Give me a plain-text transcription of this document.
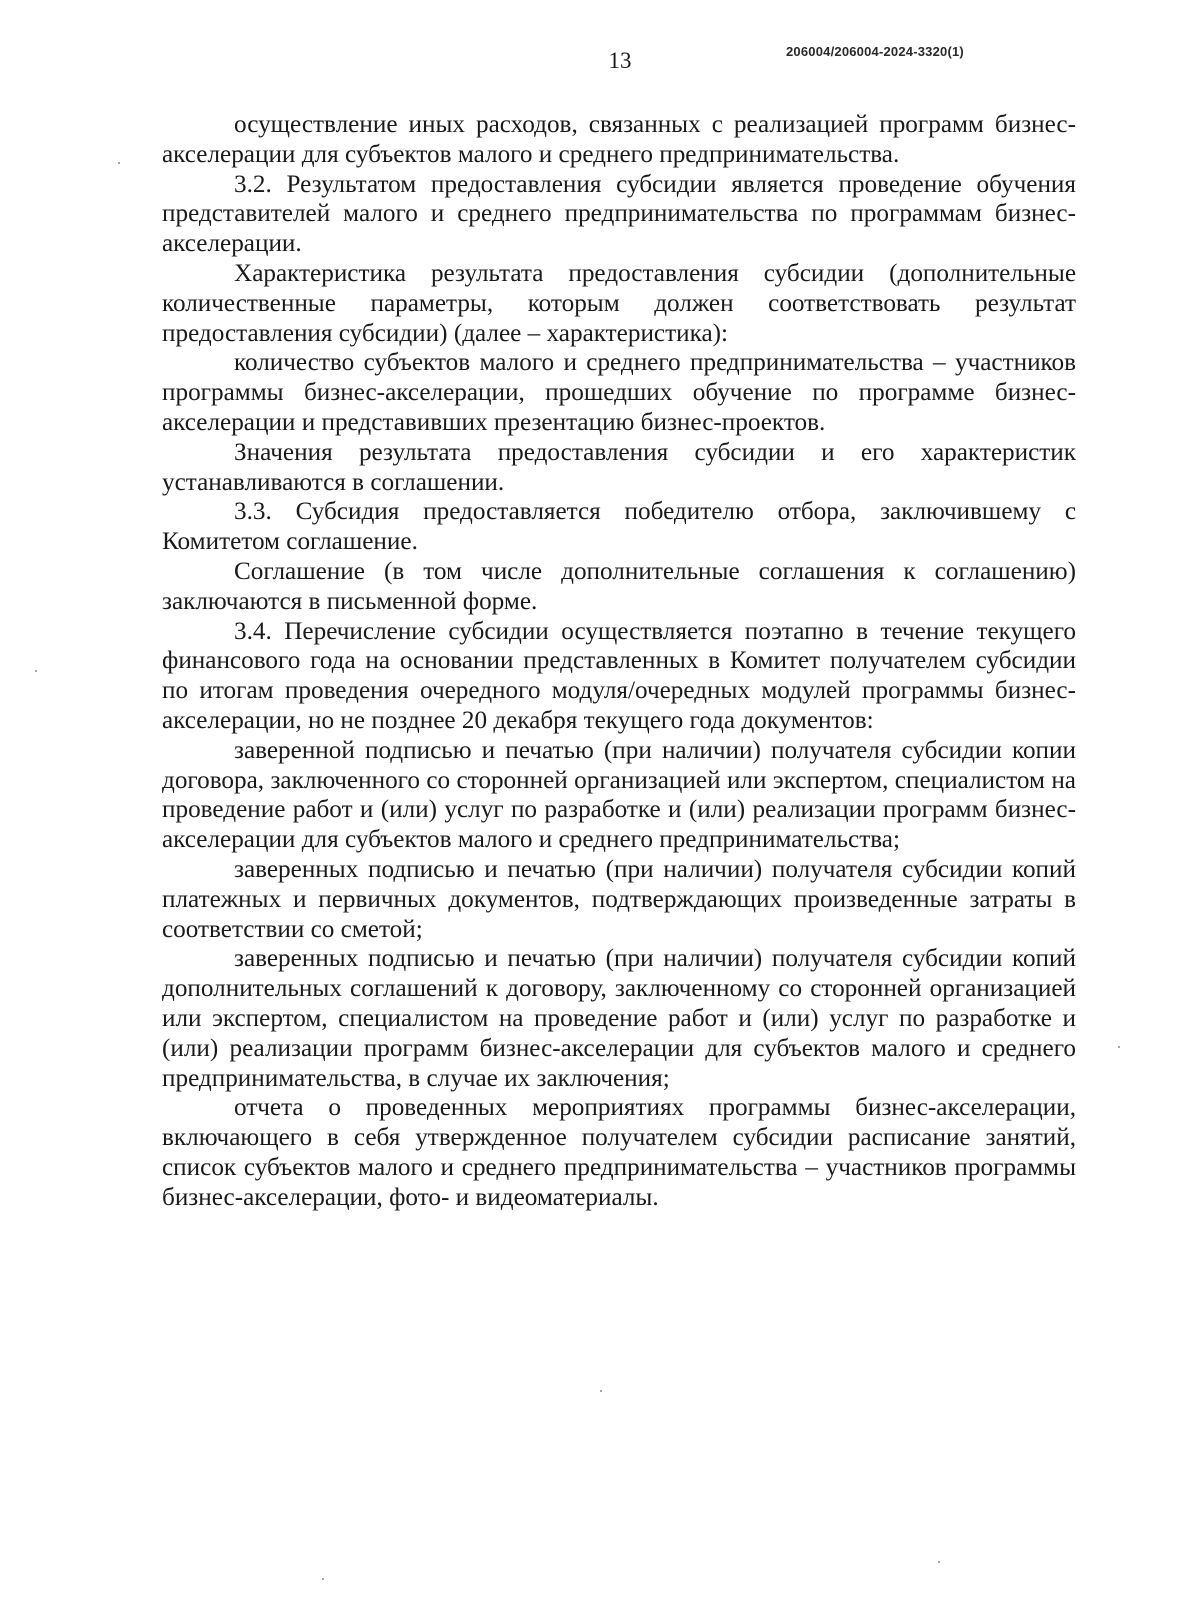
13	206004/206004-2024-3320(1)

осуществление иных расходов, связанных с реализацией программ бизнес-акселерации для субъектов малого и среднего предпринимательства.

3.2. Результатом предоставления субсидии является проведение обучения представителей малого и среднего предпринимательства по программам бизнес-акселерации.

Характеристика результата предоставления субсидии (дополнительные количественные параметры, которым должен соответствовать результат предоставления субсидии) (далее – характеристика):

количество субъектов малого и среднего предпринимательства – участников программы бизнес-акселерации, прошедших обучение по программе бизнес-акселерации и представивших презентацию бизнес-проектов.

Значения результата предоставления субсидии и его характеристик устанавливаются в соглашении.

3.3. Субсидия предоставляется победителю отбора, заключившему с Комитетом соглашение.

Соглашение (в том числе дополнительные соглашения к соглашению) заключаются в письменной форме.

3.4. Перечисление субсидии осуществляется поэтапно в течение текущего финансового года на основании представленных в Комитет получателем субсидии по итогам проведения очередного модуля/очередных модулей программы бизнес-акселерации, но не позднее 20 декабря текущего года документов:

заверенной подписью и печатью (при наличии) получателя субсидии копии договора, заключенного со сторонней организацией или экспертом, специалистом на проведение работ и (или) услуг по разработке и (или) реализации программ бизнес-акселерации для субъектов малого и среднего предпринимательства;

заверенных подписью и печатью (при наличии) получателя субсидии копий платежных и первичных документов, подтверждающих произведенные затраты в соответствии со сметой;

заверенных подписью и печатью (при наличии) получателя субсидии копий дополнительных соглашений к договору, заключенному со сторонней организацией или экспертом, специалистом на проведение работ и (или) услуг по разработке и (или) реализации программ бизнес-акселерации для субъектов малого и среднего предпринимательства, в случае их заключения;

отчета о проведенных мероприятиях программы бизнес-акселерации, включающего в себя утвержденное получателем субсидии расписание занятий, список субъектов малого и среднего предпринимательства – участников программы бизнес-акселерации, фото- и видеоматериалы.
